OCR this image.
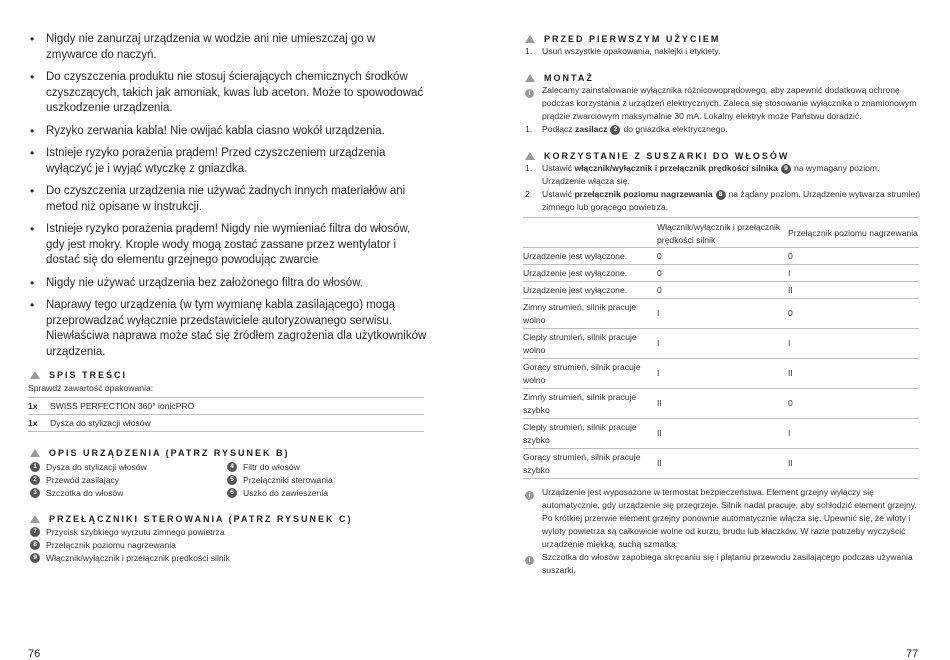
• Nigdy nie zanurzaj urządzenia w wodzie ani nie umieszczaj go w zmywarce do naczyń.
• Do czyszczenia produktu nie stosuj ścierających chemicznych środków czyszczących, takich jak amoniak, kwas lub aceton. Może to spowodować uszkodzenie urządzenia.
• Ryzyko zerwania kabla! Nie owijać kabla ciasno wokół urządzenia.
• Istnieje ryzyko porażenia prądem! Przed czyszczeniem urządzenia wyłączyć je i wyjąć wtyczkę z gniazdka.
• Do czyszczenia urządzenia nie używać żadnych innych materiałów ani metod niż opisane w instrukcji.
• Istnieje ryzyko porażenia prądem! Nigdy nie wymieniać filtra do włosów, gdy jest mokry. Krople wody mogą zostać zassane przez wentylator i dostać się do elementu grzejnego powodując zwarcie
• Nigdy nie używać urządzenia bez założonego filtra do włosów.
• Naprawy tego urządzenia (w tym wymianę kabla zasilającego) mogą przeprowadzać wyłącznie przedstawiciele autoryzowanego serwisu. Niewłaściwa naprawa może stać się źródłem zagrożenia dla użytkowników urządzenia.
SPIS TREŚCI
Sprawdź zawartość opakowania:
1x	SWISS PERFECTION 360° ionicPRO
1x	Dysza do stylizacji włosów
OPIS URZĄDZENIA (PATRZ RYSUNEK B)
1	Dysza do stylizacji włosów
2	Przewód zasilający
3	Szczotka do włosów
4	Filtr do włosów
5	Przełączniki sterowania
6	Uszko do zawieszenia
PRZEŁĄCZNIKI STEROWANIA (PATRZ RYSUNEK C)
7	Przycisk szybkiego wyrzutu zimnego powietrza
8	Przełącznik poziomu nagrzewania
9	Włącznik/wyłącznik i przełącznik prędkości silnik
76
PRZED PIERWSZYM UŻYCIEM
1. Usuń wszystkie opakowania, naklejki i etykiety.
MONTAŻ
i	Zalecamy zainstalowanie wyłącznika różnicowoprądowego, aby zapewnić dodatkową ochronę podczas korzystania z urządzeń elektrycznych. Zaleca się stosowanie wyłącznika o znamionowym prądzie zwarciowym maksymalnie 30 mA. Lokalny elektryk może Państwu doradzić.
1. Podłącz zasilacz 2 do gniazdka elektrycznego.
KORZYSTANIE Z SUSZARKI DO WŁOSÓW
1. Ustawić włącznik/wyłącznik i przełącznik prędkości silnika 9 na wymagany poziom.
Urządzenie włącza się.
2. Ustawić przełącznik poziomu nagrzewania 8 na żądany poziom. Urządzenie wytwarza strumień zimnego lub gorącego powietrza.
	Włącznik/wyłącznik i przełącznik prędkości silnik	Przełącznik poziomu nagrzewania
Urządzenie jest wyłączone.	0	0
Urządzenie jest wyłączone.	0	I
Urządzenie jest wyłączone.	0	II
Zimny strumień, silnik pracuje wolno	I	0
Ciepły strumień, silnik pracuje wolno	I	I
Gorący strumień, silnik pracuje wolno	I	II
Zimny strumień, silnik pracuje szybko	II	0
Ciepły strumień, silnik pracuje szybko	II	I
Gorący strumień, silnik pracuje szybko	II	II
i	Urządzenie jest wyposażone w termostat bezpieczeństwa. Element grzejny wyłączy się automatycznie, gdy urządzenie się przegrzeje. Silnik nadal pracuje, aby schłodzić element grzejny. Po krótkiej przerwie element grzejny ponownie automatycznie włącza się. Upewnić się, że wloty i wyloty powietrza są całkowicie wolne od kurzu, brudu lub kłaczków. W razie potrzeby wyczyścić urządzenie miękką, suchą szmatką.
i	Szczotka do włosów zapobiega skręcaniu się i plątaniu przewodu zasilającego podczas używania suszarki.
77
